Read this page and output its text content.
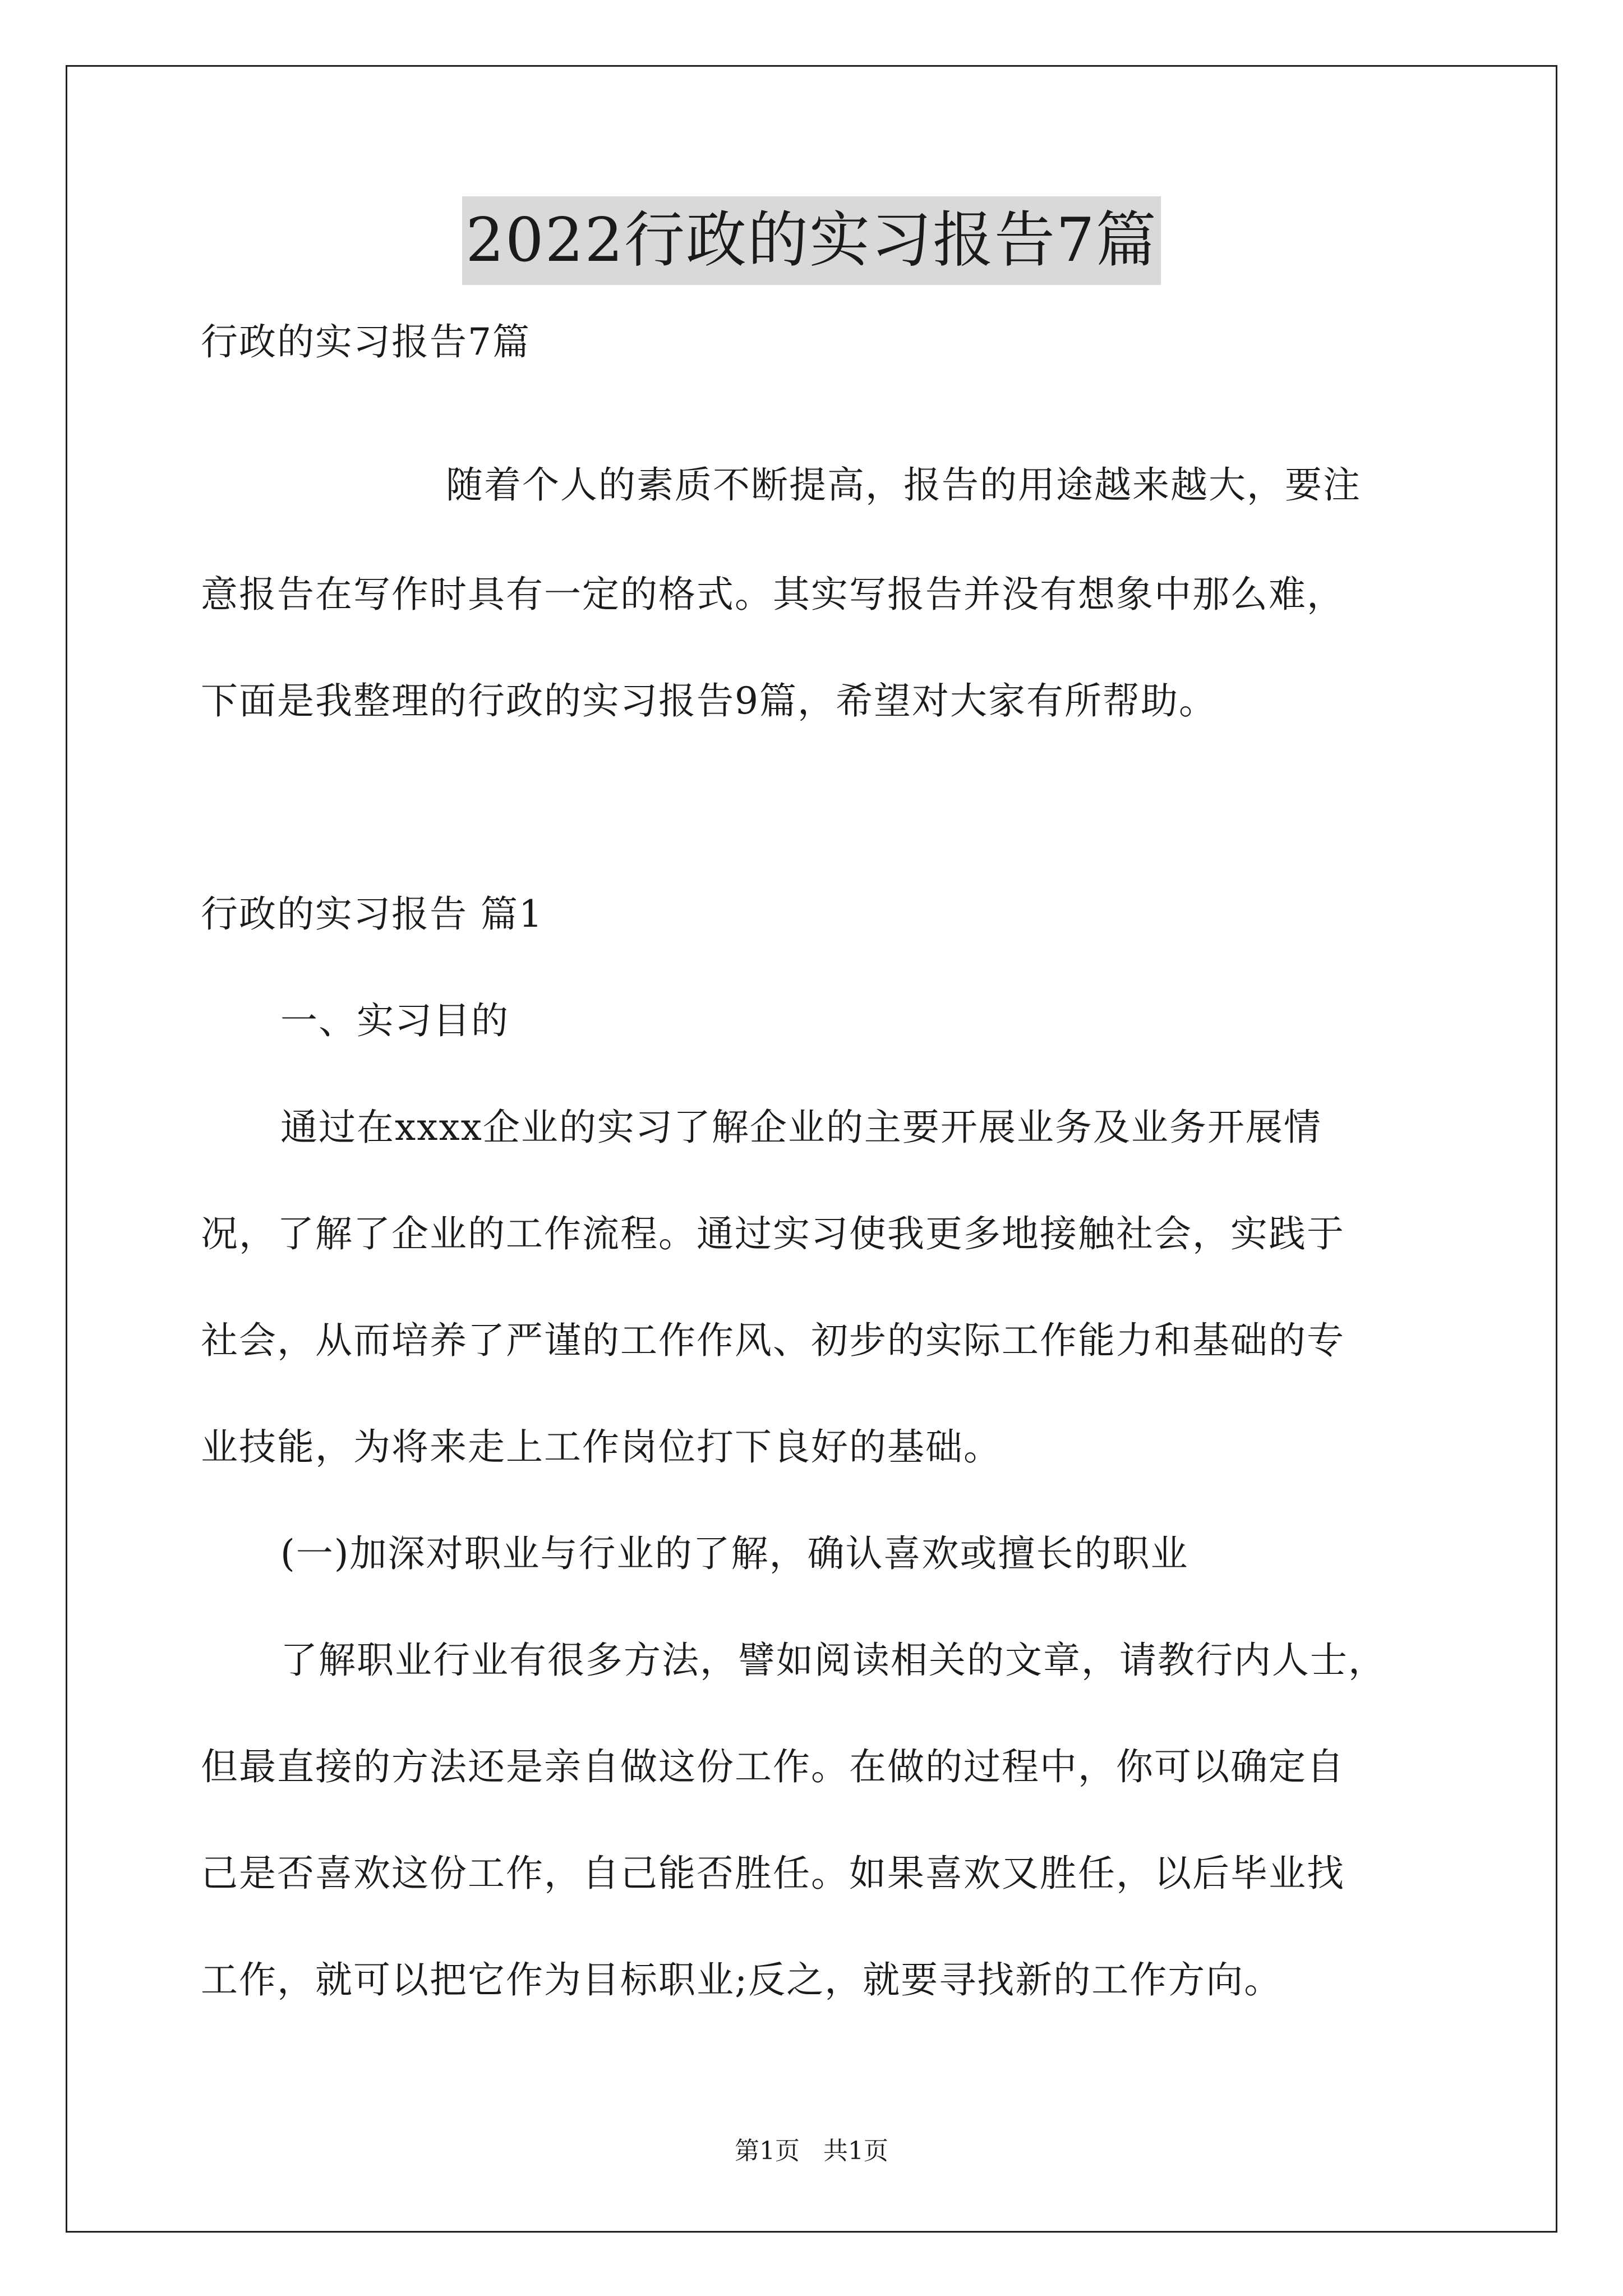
2022行政的实习报告7篇
行政的实习报告7篇
随着个人的素质不断提高，报告的用途越来越大，要注
意报告在写作时具有一定的格式。其实写报告并没有想象中那么难，
下面是我整理的行政的实习报告9篇，希望对大家有所帮助。
行政的实习报告 篇1
一、实习目的
通过在xxxx企业的实习了解企业的主要开展业务及业务开展情
况，了解了企业的工作流程。通过实习使我更多地接触社会，实践于
社会，从而培养了严谨的工作作风、初步的实际工作能力和基础的专
业技能，为将来走上工作岗位打下良好的基础。
(一)加深对职业与行业的了解，确认喜欢或擅长的职业
了解职业行业有很多方法，譬如阅读相关的文章，请教行内人士，
但最直接的方法还是亲自做这份工作。在做的过程中，你可以确定自
己是否喜欢这份工作，自己能否胜任。如果喜欢又胜任，以后毕业找
工作，就可以把它作为目标职业;反之，就要寻找新的工作方向。
第1页   共1页
